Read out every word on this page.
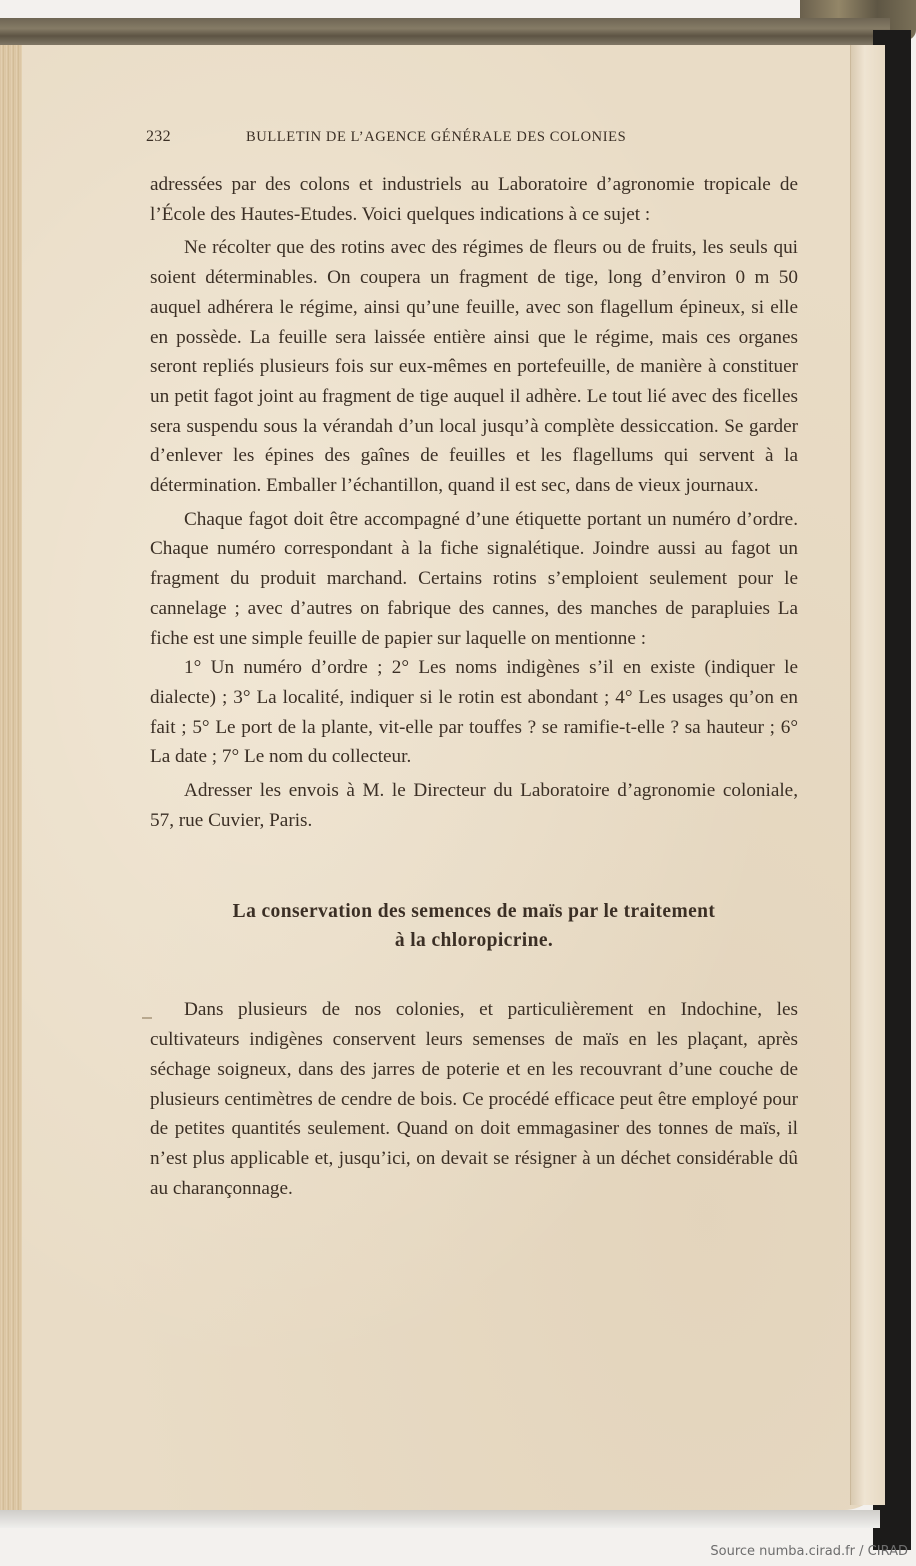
232	BULLETIN DE L’AGENCE GÉNÉRALE DES COLONIES

adressées par des colons et industriels au Laboratoire d’agronomie tropicale de l’École des Hautes-Etudes. Voici quelques indications à ce sujet :

Ne récolter que des rotins avec des régimes de fleurs ou de fruits, les seuls qui soient déterminables. On coupera un fragment de tige, long d’environ 0 m 50 auquel adhérera le régime, ainsi qu’une feuille, avec son flagellum épineux, si elle en possède. La feuille sera laissée entière ainsi que le régime, mais ces organes seront repliés plusieurs fois sur eux-mêmes en portefeuille, de manière à constituer un petit fagot joint au fragment de tige auquel il adhère. Le tout lié avec des ficelles sera suspendu sous la vérandah d’un local jusqu’à complète dessiccation. Se garder d’enlever les épines des gaînes de feuilles et les flagellums qui servent à la détermination. Emballer l’échantillon, quand il est sec, dans de vieux journaux.

Chaque fagot doit être accompagné d’une étiquette portant un numéro d’ordre. Chaque numéro correspondant à la fiche signalétique. Joindre aussi au fagot un fragment du produit marchand. Certains rotins s’emploient seulement pour le cannelage ; avec d’autres on fabrique des cannes, des manches de parapluies La fiche est une simple feuille de papier sur laquelle on mentionne :

1° Un numéro d’ordre ; 2° Les noms indigènes s’il en existe (indiquer le dialecte) ; 3° La localité, indiquer si le rotin est abondant ; 4° Les usages qu’on en fait ; 5° Le port de la plante, vit-elle par touffes ? se ramifie-t-elle ? sa hauteur ; 6° La date ; 7° Le nom du collecteur.

Adresser les envois à M. le Directeur du Laboratoire d’agronomie coloniale, 57, rue Cuvier, Paris.

La conservation des semences de maïs par le traitement
à la chloropicrine.

Dans plusieurs de nos colonies, et particulièrement en Indochine, les cultivateurs indigènes conservent leurs semenses de maïs en les plaçant, après séchage soigneux, dans des jarres de poterie et en les recouvrant d’une couche de plusieurs centimètres de cendre de bois. Ce procédé efficace peut être employé pour de petites quantités seulement. Quand on doit emmagasiner des tonnes de maïs, il n’est plus applicable et, jusqu’ici, on devait se résigner à un déchet considérable dû au charançonnage.

Source numba.cirad.fr / CIRAD
